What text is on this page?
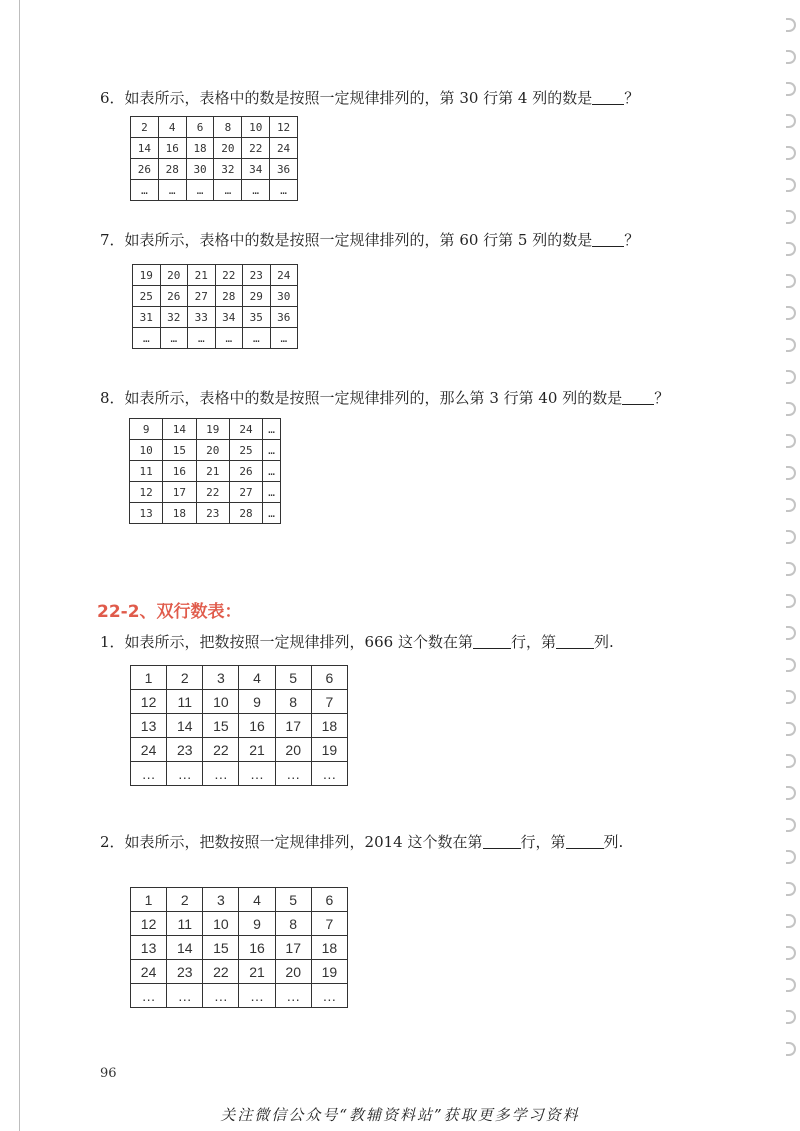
6．如表所示，表格中的数是按照一定规律排列的，第 30 行第 4 列的数是 ？
2	4	6	8	10	12
14	16	18	20	22	24
26	28	30	32	34	36
…	…	…	…	…	…
7．如表所示，表格中的数是按照一定规律排列的，第 60 行第 5 列的数是 ？
19	20	21	22	23	24
25	26	27	28	29	30
31	32	33	34	35	36
…	…	…	…	…	…
8．如表所示，表格中的数是按照一定规律排列的，那么第 3 行第 40 列的数是 ？
9	14	19	24	…
10	15	20	25	…
11	16	21	26	…
12	17	22	27	…
13	18	23	28	…
22-2、双行数表：
1．如表所示，把数按照一定规律排列，666 这个数在第	行，第	列.
1	2	3	4	5	6
12	11	10	9	8	7
13	14	15	16	17	18
24	23	22	21	20	19
…	…	…	…	…	…
2．如表所示，把数按照一定规律排列，2014 这个数在第	行，第	列.
1	2	3	4	5	6
12	11	10	9	8	7
13	14	15	16	17	18
24	23	22	21	20	19
…	…	…	…	…	…
96
关注微信公众号“教辅资料站”获取更多学习资料
